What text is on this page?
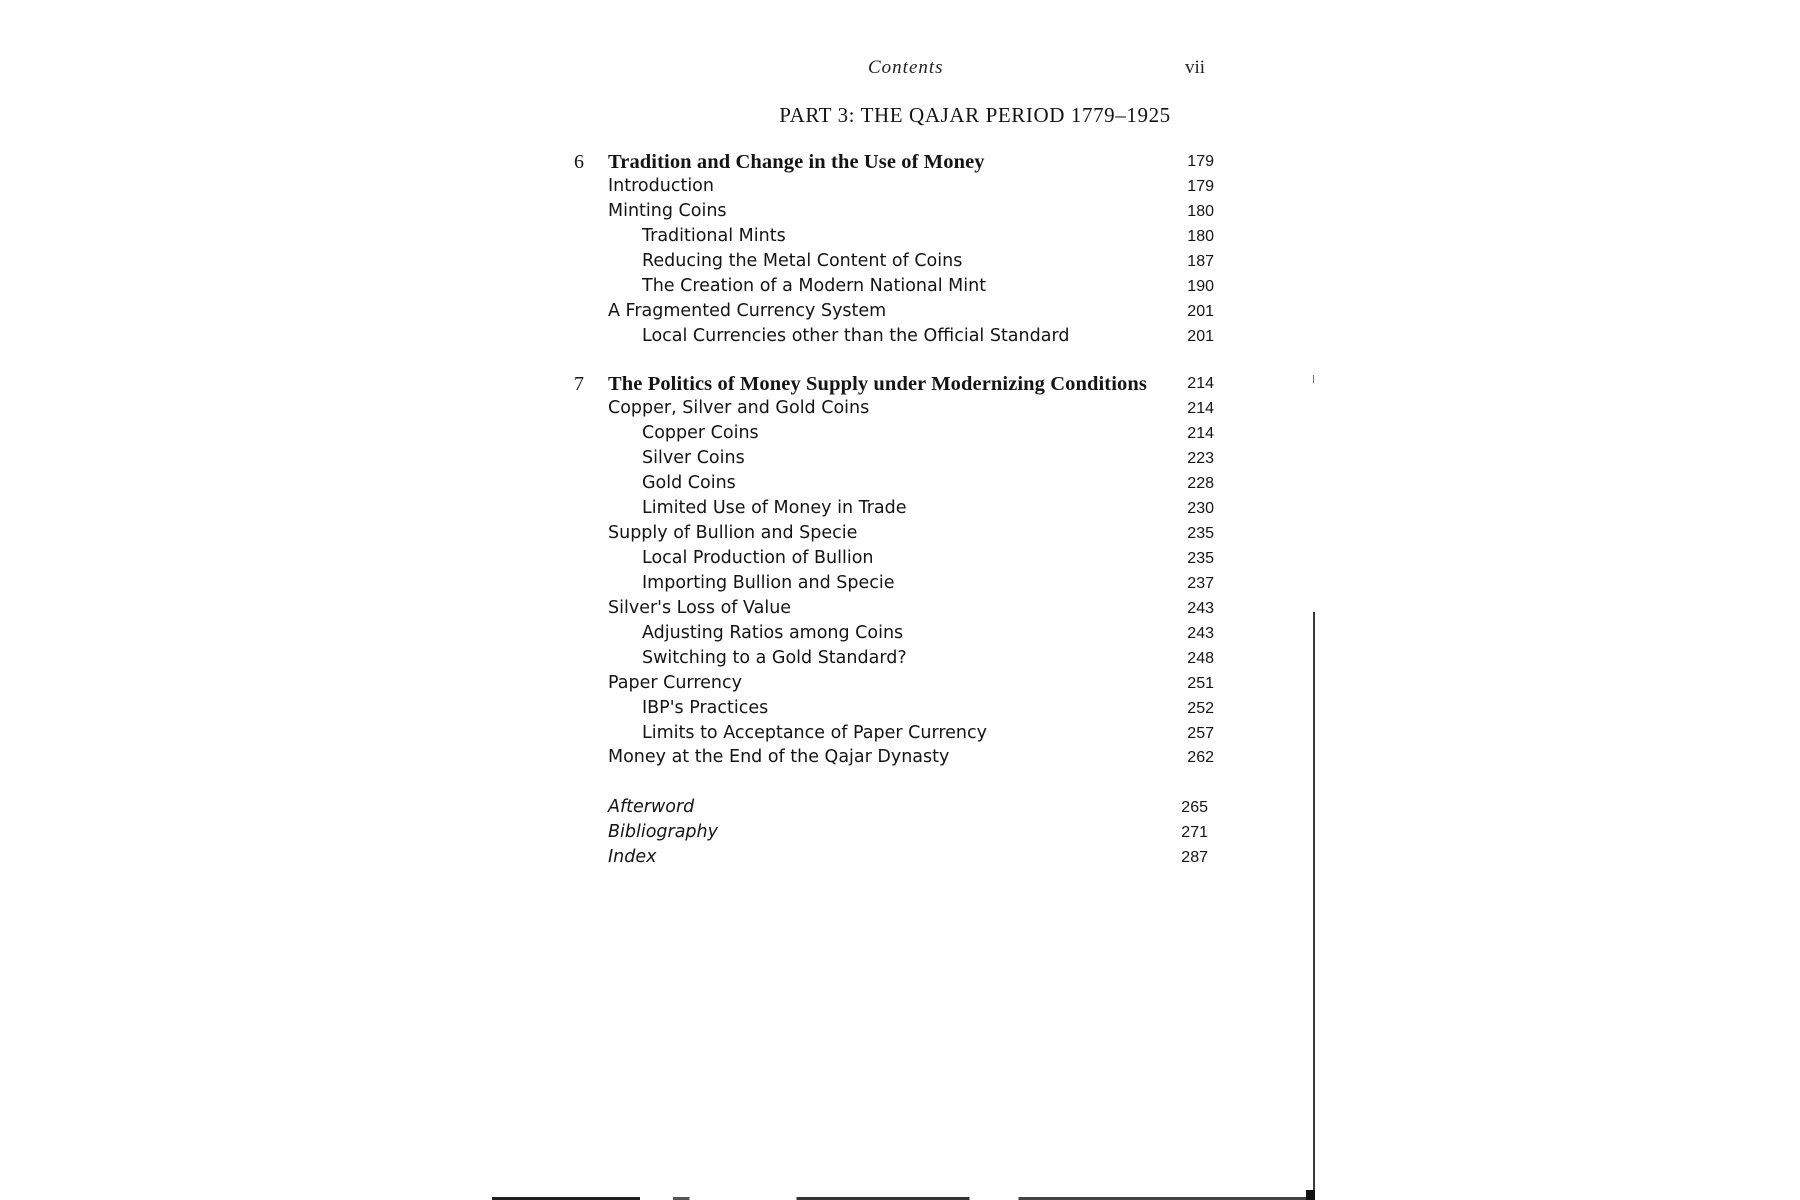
Contents	vii
PART 3: THE QAJAR PERIOD 1779–1925
6 Tradition and Change in the Use of Money	179
Introduction	179
Minting Coins	180
Traditional Mints	180
Reducing the Metal Content of Coins	187
The Creation of a Modern National Mint	190
A Fragmented Currency System	201
Local Currencies other than the Official Standard	201
7 The Politics of Money Supply under Modernizing Conditions	214
Copper, Silver and Gold Coins	214
Copper Coins	214
Silver Coins	223
Gold Coins	228
Limited Use of Money in Trade	230
Supply of Bullion and Specie	235
Local Production of Bullion	235
Importing Bullion and Specie	237
Silver's Loss of Value	243
Adjusting Ratios among Coins	243
Switching to a Gold Standard?	248
Paper Currency	251
IBP's Practices	252
Limits to Acceptance of Paper Currency	257
Money at the End of the Qajar Dynasty	262
Afterword	265
Bibliography	271
Index	287
